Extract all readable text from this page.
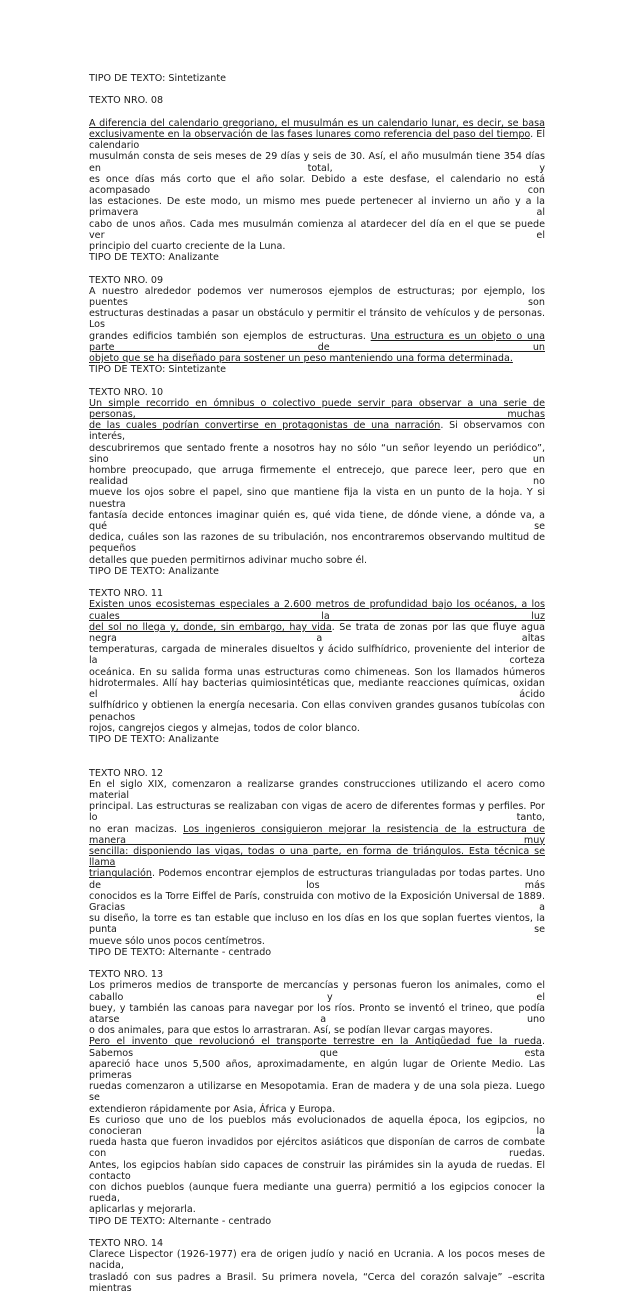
TIPO DE TEXTO: Sintetizante

TEXTO NRO. 08

A diferencia del calendario gregoriano, el musulmán es un calendario lunar, es decir, se basa

exclusivamente en la observación de las fases lunares como referencia del paso del tiempo. El calendario

musulmán consta de seis meses de 29 días y seis de 30. Así, el año musulmán tiene 354 días en total, y

es once días más corto que el año solar. Debido a este desfase, el calendario no está acompasado con

las estaciones. De este modo, un mismo mes puede pertenecer al invierno un año y a la primavera al

cabo de unos años. Cada mes musulmán comienza al atardecer del día en el que se puede ver el

principio del cuarto creciente de la Luna.

TIPO DE TEXTO: Analizante

TEXTO NRO. 09

A nuestro alrededor podemos ver numerosos ejemplos de estructuras; por ejemplo, los puentes son

estructuras destinadas a pasar un obstáculo y permitir el tránsito de vehículos y de personas. Los

grandes edificios también son ejemplos de estructuras. Una estructura es un objeto o una parte de un

objeto que se ha diseñado para sostener un peso manteniendo una forma determinada.

TIPO DE TEXTO: Sintetizante

TEXTO NRO. 10

Un simple recorrido en ómnibus o colectivo puede servir para observar a una serie de personas, muchas

de las cuales podrían convertirse en protagonistas de una narración. Si observamos con interés,

descubriremos que sentado frente a nosotros hay no sólo “un señor leyendo un periódico”, sino un

hombre preocupado, que arruga firmemente el entrecejo, que parece leer, pero que en realidad no

mueve los ojos sobre el papel, sino que mantiene fija la vista en un punto de la hoja. Y si nuestra

fantasía decide entonces imaginar quién es, qué vida tiene, de dónde viene, a dónde va, a qué se

dedica, cuáles son las razones de su tribulación, nos encontraremos observando multitud de pequeños

detalles que pueden permitirnos adivinar mucho sobre él.

TIPO DE TEXTO: Analizante

TEXTO NRO. 11

Existen unos ecosistemas especiales a 2.600 metros de profundidad bajo los océanos, a los cuales la luz

del sol no llega y, donde, sin embargo, hay vida. Se trata de zonas por las que fluye agua negra a altas

temperaturas, cargada de minerales disueltos y ácido sulfhídrico, proveniente del interior de la corteza

oceánica. En su salida forma unas estructuras como chimeneas. Son los llamados húmeros

hidrotermales. Allí hay bacterias quimiosintéticas que, mediante reacciones químicas, oxidan el ácido

sulfhídrico y obtienen la energía necesaria. Con ellas conviven grandes gusanos tubícolas con penachos

rojos, cangrejos ciegos y almejas, todos de color blanco.

TIPO DE TEXTO: Analizante

TEXTO NRO. 12

En el siglo XIX, comenzaron a realizarse grandes construcciones utilizando el acero como material

principal. Las estructuras se realizaban con vigas de acero de diferentes formas y perfiles. Por lo tanto,

no eran macizas. Los ingenieros consiguieron mejorar la resistencia de la estructura de manera muy

sencilla: disponiendo las vigas, todas o una parte, en forma de triángulos. Esta técnica se llama

triangulación. Podemos encontrar ejemplos de estructuras trianguladas por todas partes. Uno de los más

conocidos es la Torre Eiffel de París, construida con motivo de la Exposición Universal de 1889. Gracias a

su diseño, la torre es tan estable que incluso en los días en los que soplan fuertes vientos, la punta se

mueve sólo unos pocos centímetros.

TIPO DE TEXTO: Alternante - centrado

TEXTO NRO. 13

Los primeros medios de transporte de mercancías y personas fueron los animales, como el caballo y el

buey, y también las canoas para navegar por los ríos. Pronto se inventó el trineo, que podía atarse a uno

o dos animales, para que estos lo arrastraran. Así, se podían llevar cargas mayores.

Pero el invento que revolucionó el transporte terrestre en la Antigüedad fue la rueda. Sabemos que esta

apareció hace unos 5,500 años, aproximadamente, en algún lugar de Oriente Medio. Las primeras

ruedas comenzaron a utilizarse en Mesopotamia. Eran de madera y de una sola pieza. Luego se

extendieron rápidamente por Asia, África y Europa.

Es curioso que uno de los pueblos más evolucionados de aquella época, los egipcios, no conocieran la

rueda hasta que fueron invadidos por ejércitos asiáticos que disponían de carros de combate con ruedas.

Antes, los egipcios habían sido capaces de construir las pirámides sin la ayuda de ruedas. El contacto

con dichos pueblos (aunque fuera mediante una guerra) permitió a los egipcios conocer la rueda,

aplicarlas y mejorarla.

TIPO DE TEXTO: Alternante - centrado

TEXTO NRO. 14

Clarece Lispector (1926-1977) era de origen judío y nació en Ucrania. A los pocos meses de nacida,

trasladó con sus padres a Brasil. Su primera novela, “Cerca del corazón salvaje” –escrita mientras
